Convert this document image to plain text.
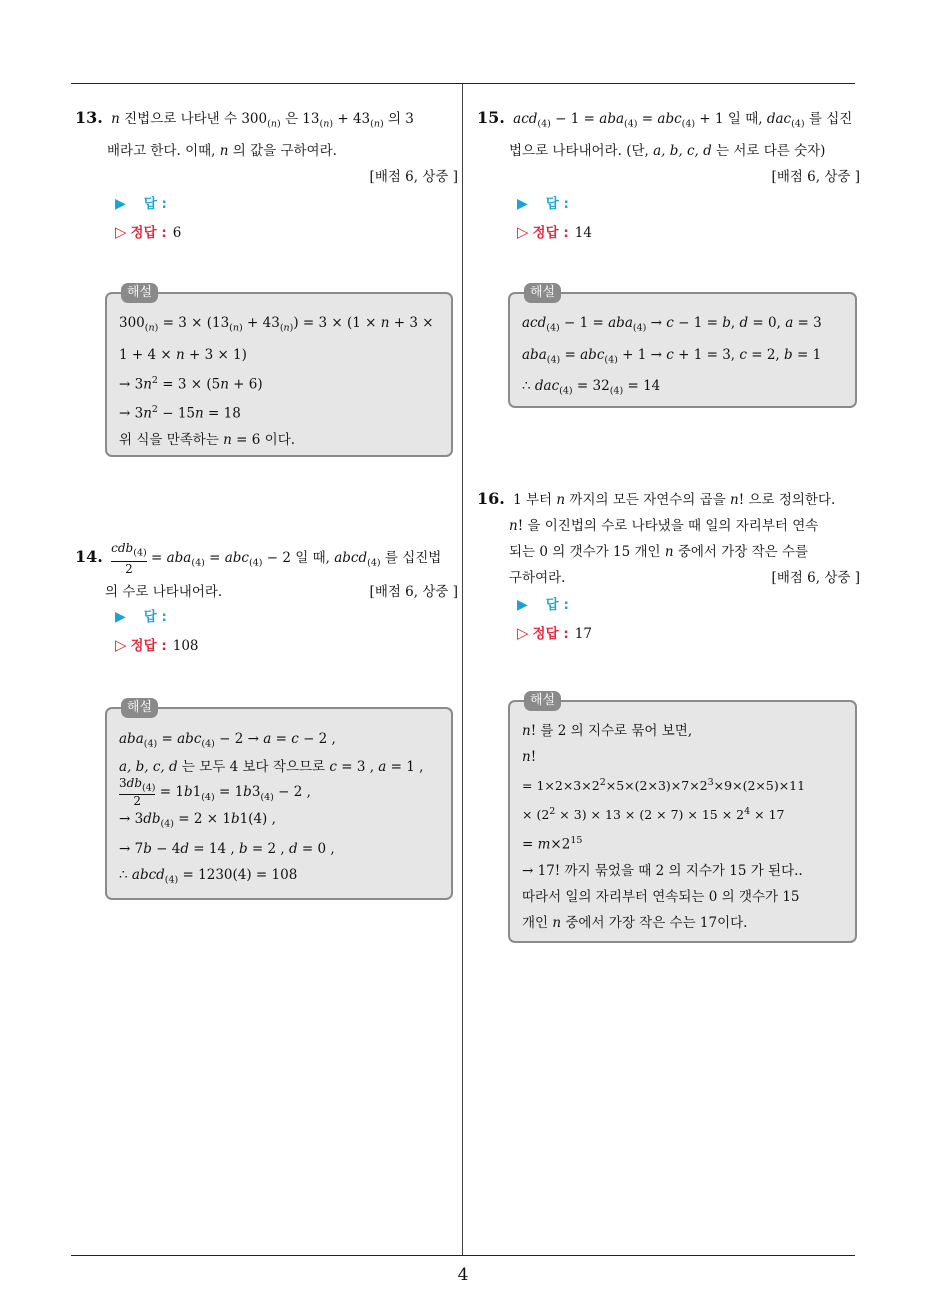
13. n 진법으로 나타낸 수 $300_{(n)}$ 은 $13_{(n)} + 43_{(n)}$ 의 3
배라고 한다. 이때, n 의 값을 구하여라.
[배점 6, 상중 ]
▶ 답 :
▷ 정답 : 6
해설
$300_{(n)} = 3 \times (13_{(n)} + 43_{(n)}) = 3 \times (1 \times n + 3$ ×
1 + 4 × n + 3 × 1)
→ $3n^2 = 3 \times (5n + 6)$
→ $3n^2 - 15n = 18$
위 식을 만족하는 n = 6 이다.
14. cdb$_{(4)}$
2
= aba$_{(4)}$ = abc$_{(4)}$ − 2 일 때, abcd$_{(4)}$ 를 십진법
의 수로 나타내어라.	[배점 6, 상중 ]
▶ 답 :
▷ 정답 : 108
해설
aba$_{(4)}$ = abc$_{(4)}$ − 2 → a = c − 2 ,
a, b, c, d 는 모두 4 보다 작으므로 c = 3 , a = 1 ,
$\frac{3db_{(4)}}{2} = 1b1_{(4)} = 1b3_{(4)} - 2$ ,
→ $3db_{(4)} = 2 \times 1b1(4)$ ,
→ 7b − 4d = 14 , b = 2 , d = 0 ,
∴ abcd$_{(4)}$ = 1230(4) = 108
15. acd$_{(4)}$ − 1 = aba$_{(4)}$ = abc$_{(4)}$ + 1 일 때, dac$_{(4)}$ 를 십진
법으로 나타내어라. (단, a, b, c, d 는 서로 다른 숫자)
[배점 6, 상중 ]
▶ 답 :
▷ 정답 : 14
해설
acd$_{(4)}$ − 1 = aba$_{(4)}$ → c − 1 = b, d = 0, a = 3
aba$_{(4)}$ = abc$_{(4)}$ + 1 → c + 1 = 3, c = 2, b = 1
∴ $dac_{(4)} = 32_{(4)} = 14$
16. 1 부터 n 까지의 모든 자연수의 곱을 n! 으로 정의한다.
n! 을 이진법의 수로 나타냈을 때 일의 자리부터 연속
되는 0 의 갯수가 15 개인 n 중에서 가장 작은 수를
구하여라.	[배점 6, 상중 ]
▶ 답 :
▷ 정답 : 17
해설
n! 를 2 의 지수로 묶어 보면,
n!
= $1\times 2\times 3\times 2^2\times 5\times(2\times 3)\times 7\times 2^3\times 9\times(2\times 5)\times 11$
× $(2^2 \times 3) \times 13 \times (2 \times 7) \times 15 \times 2^4 \times 17$
= $m\times 2^{15}$
→ 17! 까지 묶었을 때 2 의 지수가 15 가 된다..
따라서 일의 자리부터 연속되는 0 의 갯수가 15
개인 n 중에서 가장 작은 수는 17이다.
4
